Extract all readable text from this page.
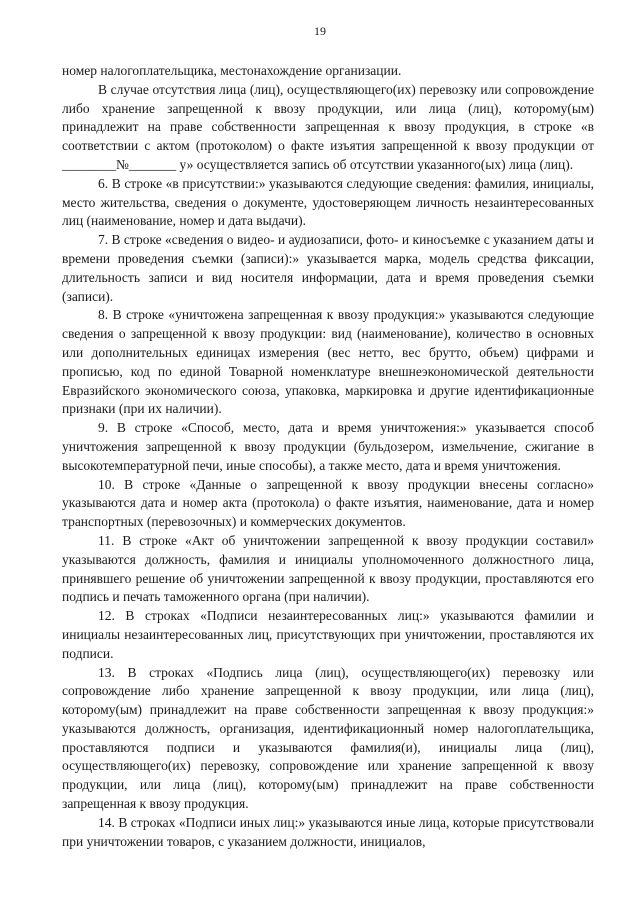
19

номер налогоплательщика, местонахождение организации.

В случае отсутствия лица (лиц), осуществляющего(их) перевозку или сопровождение либо хранение запрещенной к ввозу продукции, или лица (лиц), которому(ым) принадлежит на праве собственности запрещенная к ввозу продукция, в строке «в соответствии с актом (протоколом) о факте изъятия запрещенной к ввозу продукции от ________№_______ у» осуществляется запись об отсутствии указанного(ых) лица (лиц).

6. В строке «в присутствии:» указываются следующие сведения: фамилия, инициалы, место жительства, сведения о документе, удостоверяющем личность незаинтересованных лиц (наименование, номер и дата выдачи).

7. В строке «сведения о видео- и аудиозаписи, фото- и киносъемке с указанием даты и времени проведения съемки (записи):» указывается марка, модель средства фиксации, длительность записи и вид носителя информации, дата и время проведения съемки (записи).

8. В строке «уничтожена запрещенная к ввозу продукция:» указываются следующие сведения о запрещенной к ввозу продукции: вид (наименование), количество в основных или дополнительных единицах измерения (вес нетто, вес брутто, объем) цифрами и прописью, код по единой Товарной номенклатуре внешнеэкономической деятельности Евразийского экономического союза, упаковка, маркировка и другие идентификационные признаки (при их наличии).

9. В строке «Способ, место, дата и время уничтожения:» указывается способ уничтожения запрещенной к ввозу продукции (бульдозером, измельчение, сжигание в высокотемпературной печи, иные способы), а также место, дата и время уничтожения.

10. В строке «Данные о запрещенной к ввозу продукции внесены согласно» указываются дата и номер акта (протокола) о факте изъятия, наименование, дата и номер транспортных (перевозочных) и коммерческих документов.

11. В строке «Акт об уничтожении запрещенной к ввозу продукции составил» указываются должность, фамилия и инициалы уполномоченного должностного лица, принявшего решение об уничтожении запрещенной к ввозу продукции, проставляются его подпись и печать таможенного органа (при наличии).

12. В строках «Подписи незаинтересованных лиц:» указываются фамилии и инициалы незаинтересованных лиц, присутствующих при уничтожении, проставляются их подписи.

13. В строках «Подпись лица (лиц), осуществляющего(их) перевозку или сопровождение либо хранение запрещенной к ввозу продукции, или лица (лиц), которому(ым) принадлежит на праве собственности запрещенная к ввозу продукция:» указываются должность, организация, идентификационный номер налогоплательщика, проставляются подписи и указываются фамилия(и), инициалы лица (лиц), осуществляющего(их) перевозку, сопровождение или хранение запрещенной к ввозу продукции, или лица (лиц), которому(ым) принадлежит на праве собственности запрещенная к ввозу продукция.

14. В строках «Подписи иных лиц:» указываются иные лица, которые присутствовали при уничтожении товаров, с указанием должности, инициалов,
